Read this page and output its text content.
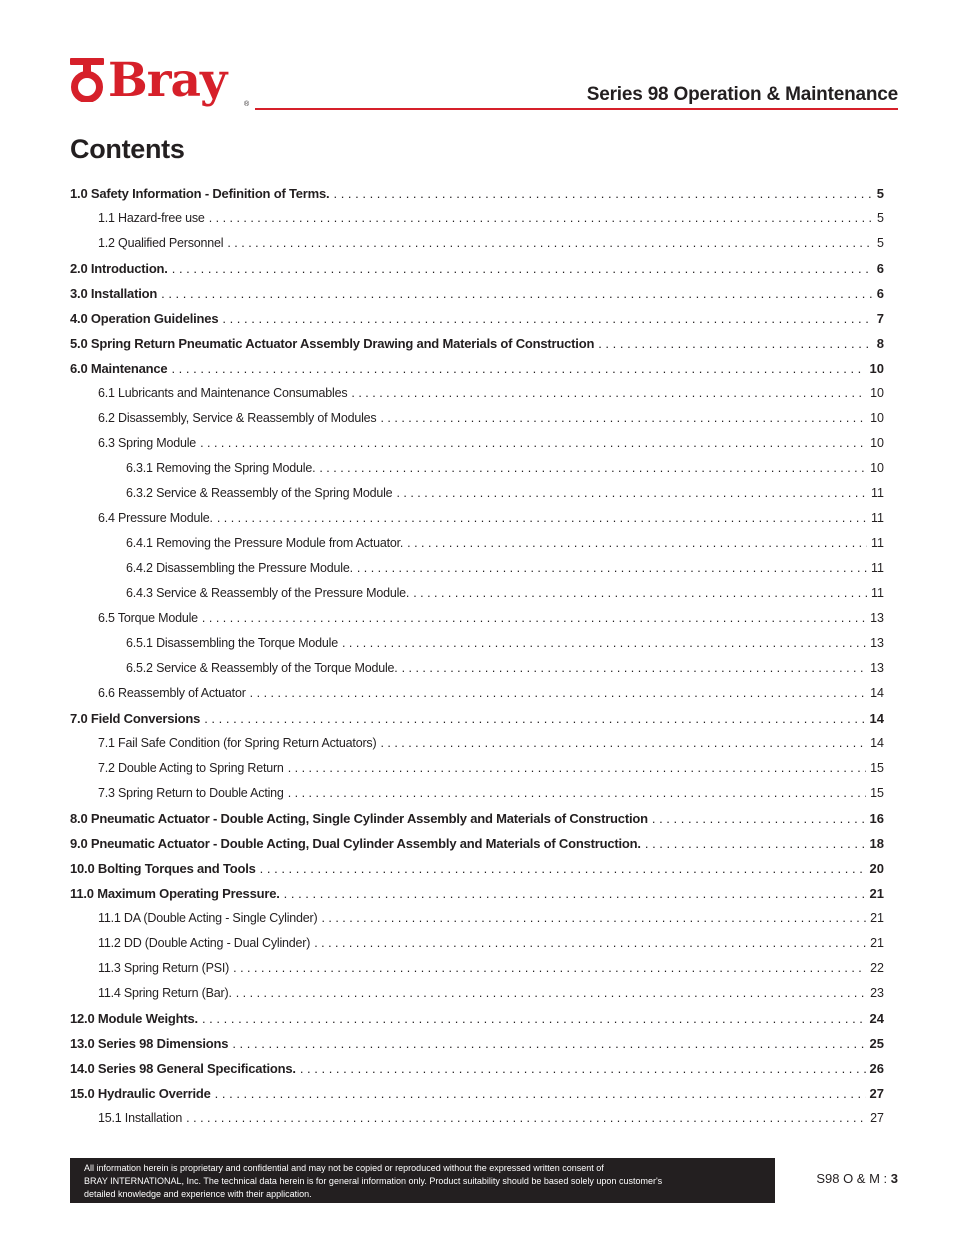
Bray	®	Series 98 Operation & Maintenance
Contents
1.0 Safety Information - Definition of Terms. . . .	5
1.1 Hazard-free use . . .	5
1.2 Qualified Personnel . . .	5
2.0 Introduction. . . .	6
3.0 Installation . . .	6
4.0 Operation Guidelines . . .	7
5.0 Spring Return Pneumatic Actuator Assembly Drawing and Materials of Construction . . .	8
6.0 Maintenance . . .	10
6.1 Lubricants and Maintenance Consumables . . .	10
6.2 Disassembly, Service & Reassembly of Modules . . .	10
6.3 Spring Module . . .	10
6.3.1 Removing the Spring Module. . . .	10
6.3.2 Service & Reassembly of the Spring Module . . .	11
6.4 Pressure Module. . . .	11
6.4.1 Removing the Pressure Module from Actuator. . . .	11
6.4.2 Disassembling the Pressure Module. . . .	11
6.4.3 Service & Reassembly of the Pressure Module. . . .	11
6.5 Torque Module . . .	13
6.5.1 Disassembling the Torque Module . . .	13
6.5.2 Service & Reassembly of the Torque Module. . . .	13
6.6 Reassembly of Actuator . . .	14
7.0 Field Conversions . . .	14
7.1 Fail Safe Condition (for Spring Return Actuators) . . .	14
7.2 Double Acting to Spring Return . . .	15
7.3 Spring Return to Double Acting . . .	15
8.0 Pneumatic Actuator - Double Acting, Single Cylinder Assembly and Materials of Construction . . .	16
9.0 Pneumatic Actuator - Double Acting, Dual Cylinder Assembly and Materials of Construction. . . .	18
10.0 Bolting Torques and Tools . . .	20
11.0 Maximum Operating Pressure. . . .	21
11.1 DA (Double Acting - Single Cylinder) . . .	21
11.2 DD (Double Acting - Dual Cylinder) . . .	21
11.3 Spring Return (PSI) . . .	22
11.4 Spring Return (Bar). . . .	23
12.0 Module Weights. . . .	24
13.0 Series 98 Dimensions . . .	25
14.0 Series 98 General Specifications. . . .	26
15.0 Hydraulic Override . . .	27
15.1 Installation . . .	27
All information herein is proprietary and confidential and may not be copied or reproduced without the expressed written consent of
BRAY INTERNATIONAL, Inc. The technical data herein is for general information only. Product suitability should be based solely upon customer's
detailed knowledge and experience with their application.
S98 O & M : 3
